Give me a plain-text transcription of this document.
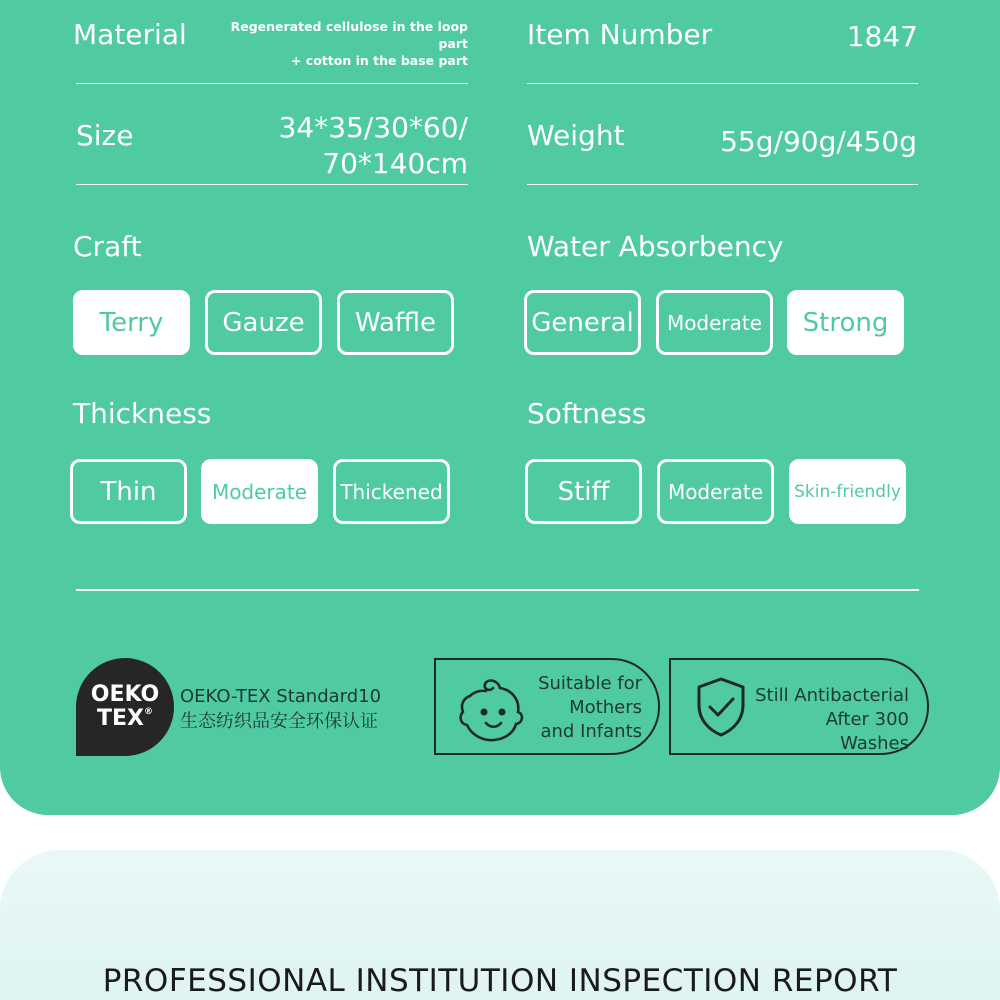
Material	Regenerated cellulose in the loop part
+ cotton in the base part
Item Number	1847
Size	34*35/30*60/
70*140cm
Weight	55g/90g/450g
Craft
Terry	Gauze	Waffle
Water Absorbency
General	Moderate	Strong
Thickness
Thin	Moderate	Thickened
Softness
Stiff	Moderate	Skin-friendly
OEKO
TEX®
OEKO-TEX Standard10
生态纺织品安全环保认证
Suitable for
Mothers
and Infants
Still Antibacterial
After 300 Washes
PROFESSIONAL INSTITUTION INSPECTION REPORT
